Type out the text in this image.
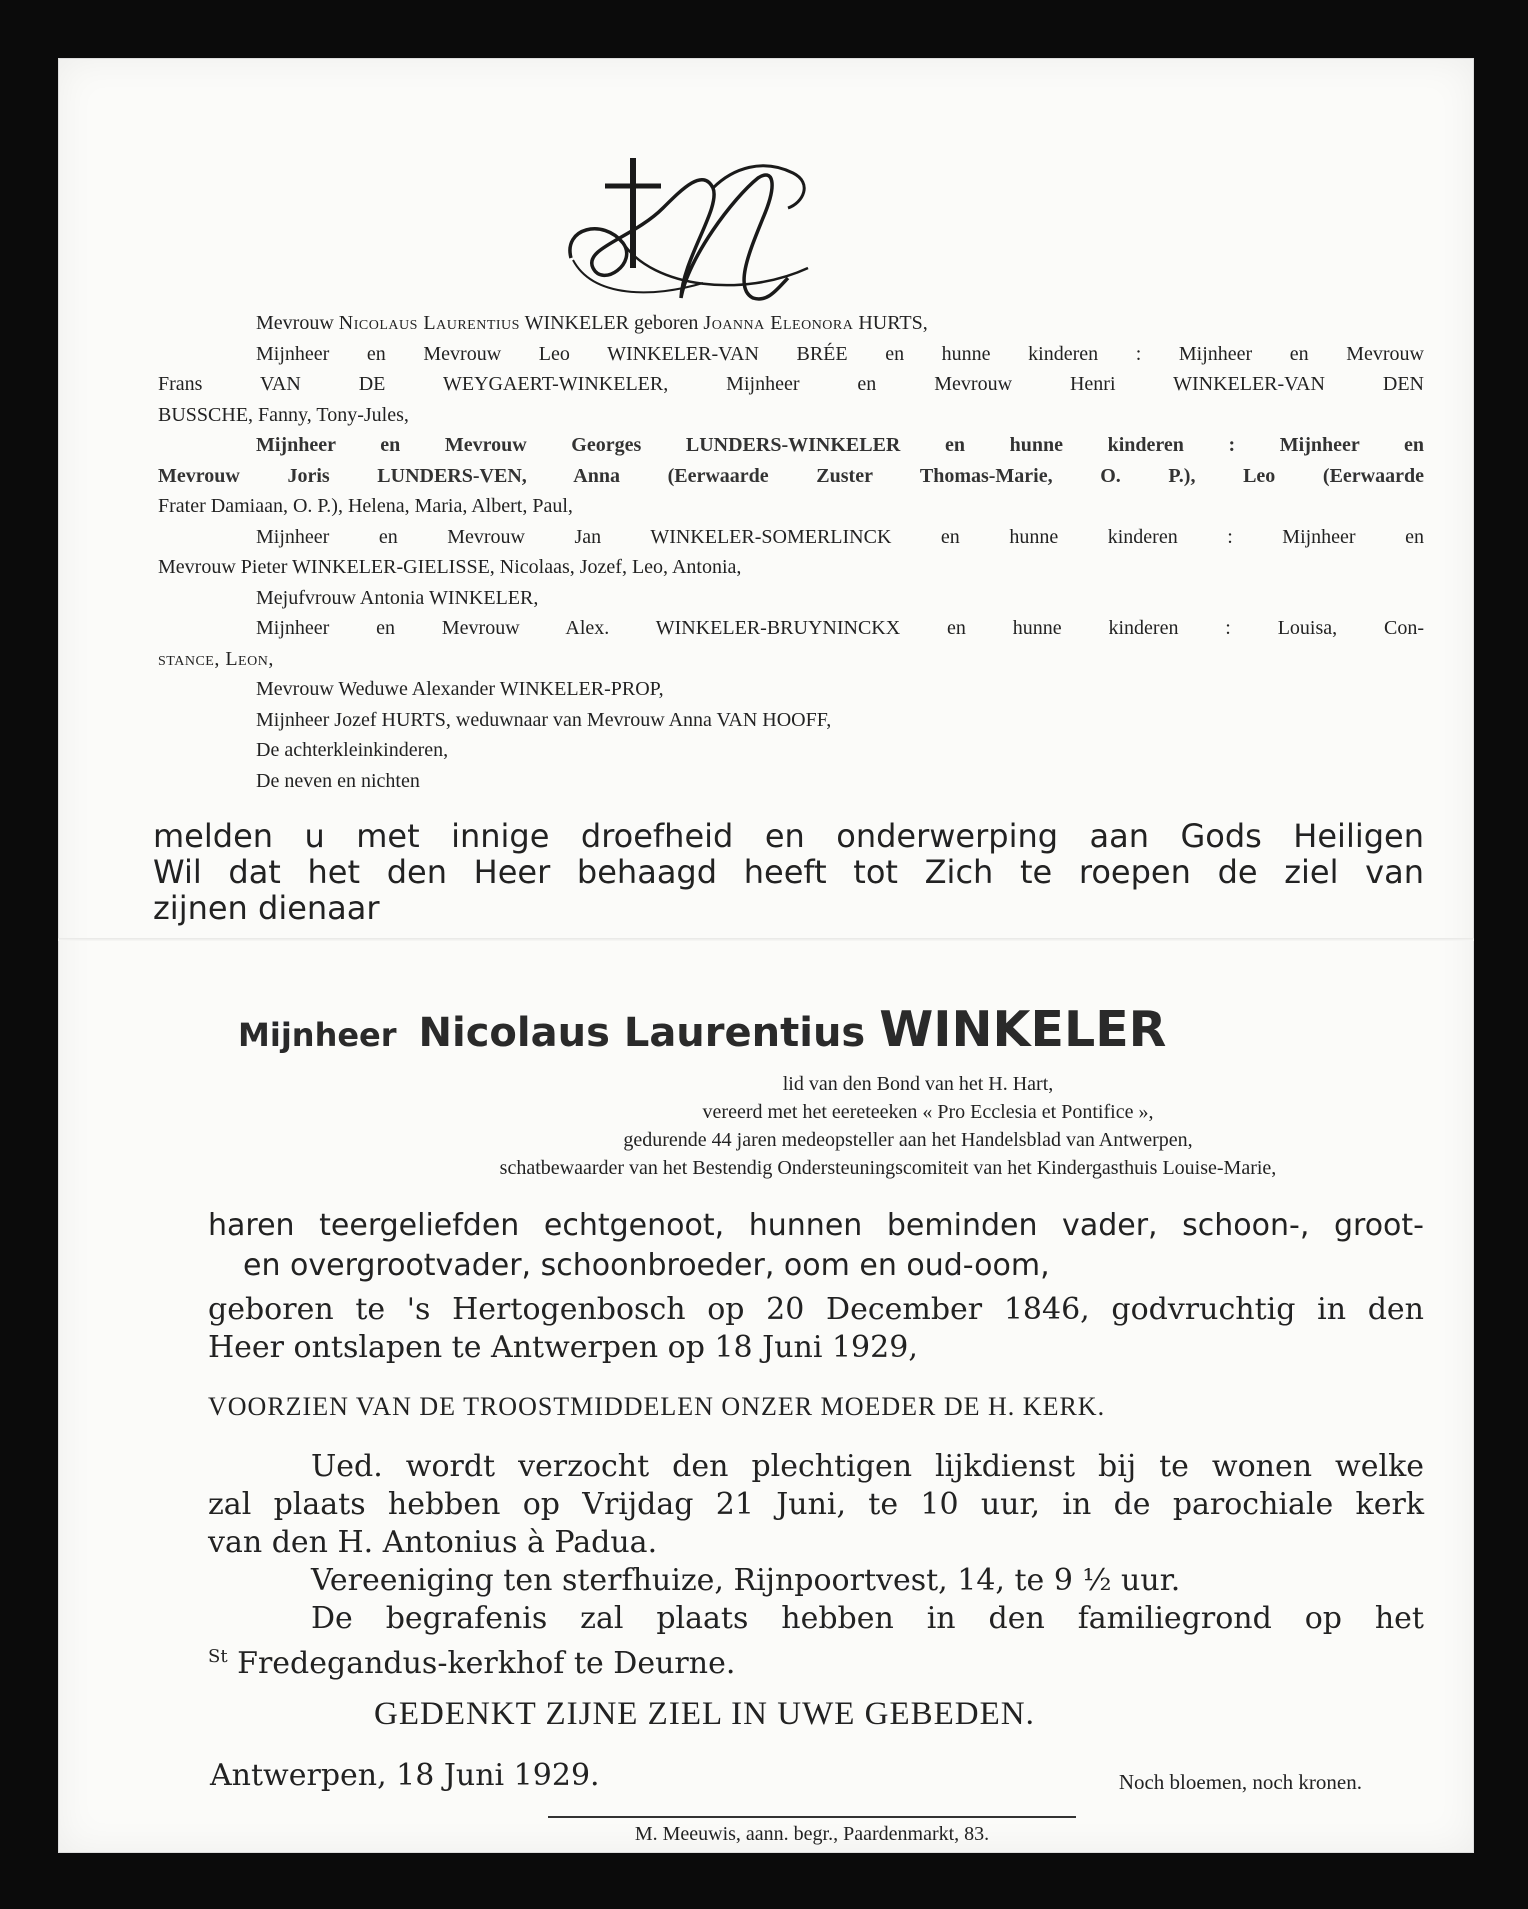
Mevrouw Nicolaus Laurentius WINKELER geboren Joanna Eleonora HURTS,
Mijnheer en Mevrouw Leo WINKELER-VAN BRÉE en hunne kinderen : Mijnheer en Mevrouw
Frans VAN DE WEYGAERT-WINKELER, Mijnheer en Mevrouw Henri WINKELER-VAN DEN
BUSSCHE, Fanny, Tony-Jules,
Mijnheer en Mevrouw Georges LUNDERS-WINKELER en hunne kinderen : Mijnheer en
Mevrouw Joris LUNDERS-VEN, Anna (Eerwaarde Zuster Thomas-Marie, O. P.), Leo (Eerwaarde
Frater Damiaan, O. P.), Helena, Maria, Albert, Paul,
Mijnheer en Mevrouw Jan WINKELER-SOMERLINCK en hunne kinderen : Mijnheer en
Mevrouw Pieter WINKELER-GIELISSE, Nicolaas, Jozef, Leo, Antonia,
Mejufvrouw Antonia WINKELER,
Mijnheer en Mevrouw Alex. WINKELER-BRUYNINCKX en hunne kinderen : Louisa, Con-
stance, Leon,
Mevrouw Weduwe Alexander WINKELER-PROP,
Mijnheer Jozef HURTS, weduwnaar van Mevrouw Anna VAN HOOFF,
De achterkleinkinderen,
De neven en nichten
melden u met innige droefheid en onderwerping aan Gods Heiligen
Wil dat het den Heer behaagd heeft tot Zich te roepen de ziel van
zijnen dienaar
Mijnheer Nicolaus Laurentius WINKELER
lid van den Bond van het H. Hart,
vereerd met het eereteeken « Pro Ecclesia et Pontifice »,
gedurende 44 jaren medeopsteller aan het Handelsblad van Antwerpen,
schatbewaarder van het Bestendig Ondersteuningscomiteit van het Kindergasthuis Louise-Marie,
haren teergeliefden echtgenoot, hunnen beminden vader, schoon-, groot-
en overgrootvader, schoonbroeder, oom en oud-oom,
geboren te 's Hertogenbosch op 20 December 1846, godvruchtig in den
Heer ontslapen te Antwerpen op 18 Juni 1929,
VOORZIEN VAN DE TROOSTMIDDELEN ONZER MOEDER DE H. KERK.
Ued. wordt verzocht den plechtigen lijkdienst bij te wonen welke
zal plaats hebben op Vrijdag 21 Juni, te 10 uur, in de parochiale kerk
van den H. Antonius à Padua.
Vereeniging ten sterfhuize, Rijnpoortvest, 14, te 9 ½ uur.
De begrafenis zal plaats hebben in den familiegrond op het
$^{St}$ Fredegandus-kerkhof te Deurne.
GEDENKT ZIJNE ZIEL IN UWE GEBEDEN.
Antwerpen, 18 Juni 1929.	Noch bloemen, noch kronen.
M. Meeuwis, aann. begr., Paardenmarkt, 83.
